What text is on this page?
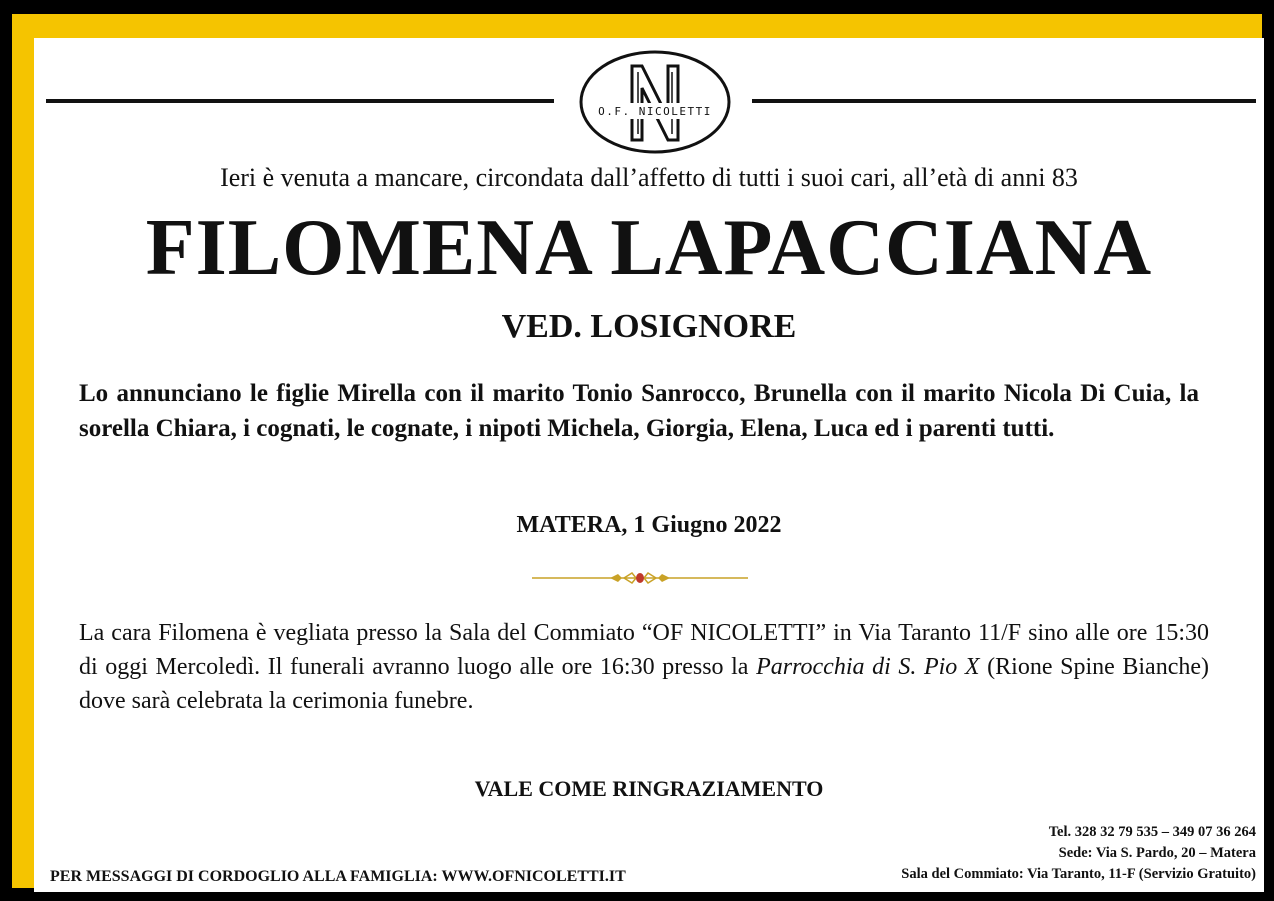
O.F. NICOLETTI
Ieri è venuta a mancare, circondata dall’affetto di tutti i suoi cari, all’età di anni 83
FILOMENA LAPACCIANA
VED. LOSIGNORE
Lo annunciano le figlie Mirella con il marito Tonio Sanrocco, Brunella con il marito Nicola Di Cuia, la sorella Chiara, i cognati, le cognate, i nipoti Michela, Giorgia, Elena, Luca ed i parenti tutti.
MATERA, 1 Giugno 2022
La cara Filomena è vegliata presso la Sala del Commiato “OF NICOLETTI” in Via Taranto 11/F sino alle ore 15:30 di oggi Mercoledì. Il funerali avranno luogo alle ore 16:30 presso la Parrocchia di S. Pio X (Rione Spine Bianche) dove sarà celebrata la cerimonia funebre.
VALE COME RINGRAZIAMENTO
PER MESSAGGI DI CORDOGLIO ALLA FAMIGLIA: WWW.OFNICOLETTI.IT
Tel. 328 32 79 535 – 349 07 36 264
Sede: Via S. Pardo, 20 – Matera
Sala del Commiato: Via Taranto, 11-F (Servizio Gratuito)
